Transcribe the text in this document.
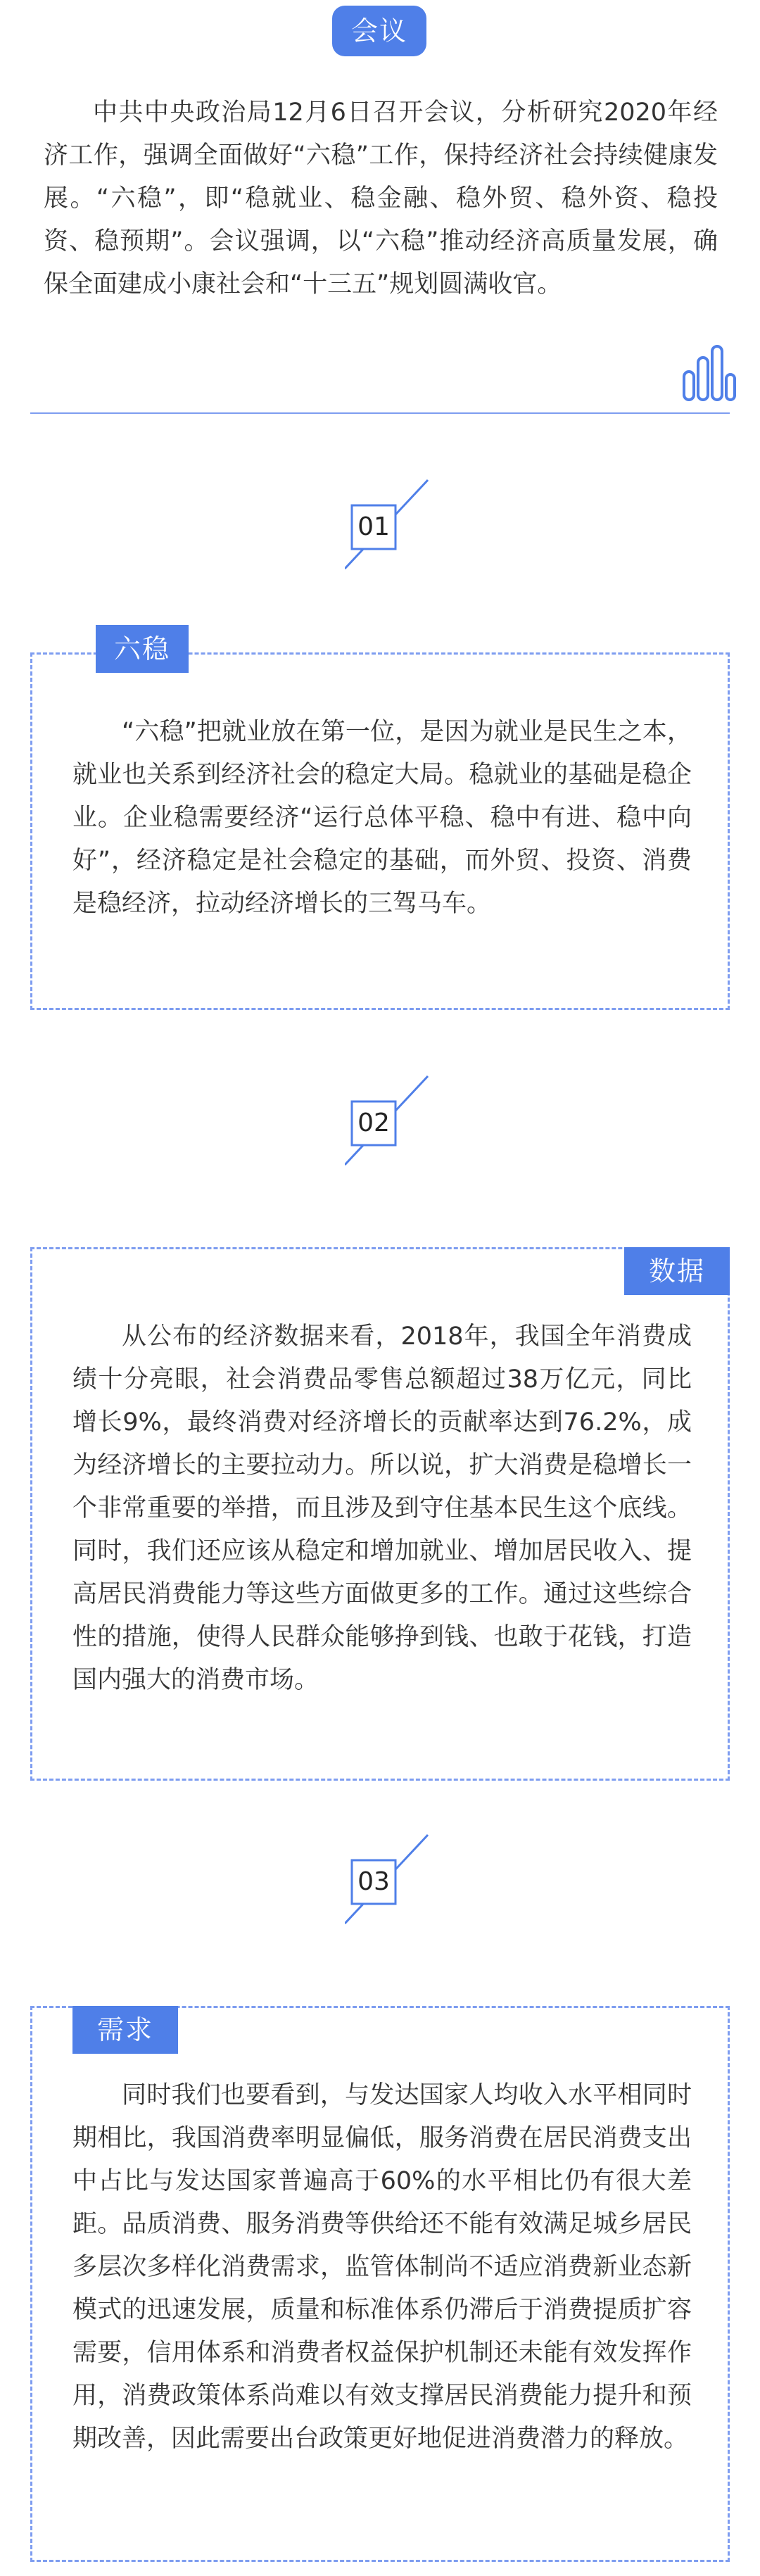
会议

中共中央政治局12月6日召开会议，分析研究2020年经济工作，强调全面做好“六稳”工作，保持经济社会持续健康发展。“六稳”，即“稳就业、稳金融、稳外贸、稳外资、稳投资、稳预期”。会议强调，以“六稳”推动经济高质量发展，确保全面建成小康社会和“十三五”规划圆满收官。

01
六稳

“六稳”把就业放在第一位，是因为就业是民生之本，就业也关系到经济社会的稳定大局。稳就业的基础是稳企业。企业稳需要经济“运行总体平稳、稳中有进、稳中向好”，经济稳定是社会稳定的基础，而外贸、投资、消费是稳经济，拉动经济增长的三驾马车。

02
数据

从公布的经济数据来看，2018年，我国全年消费成绩十分亮眼，社会消费品零售总额超过38万亿元，同比增长9%，最终消费对经济增长的贡献率达到76.2%，成为经济增长的主要拉动力。所以说，扩大消费是稳增长一个非常重要的举措，而且涉及到守住基本民生这个底线。同时，我们还应该从稳定和增加就业、增加居民收入、提高居民消费能力等这些方面做更多的工作。通过这些综合性的措施，使得人民群众能够挣到钱、也敢于花钱，打造国内强大的消费市场。

03
需求

同时我们也要看到，与发达国家人均收入水平相同时期相比，我国消费率明显偏低，服务消费在居民消费支出中占比与发达国家普遍高于60%的水平相比仍有很大差距。品质消费、服务消费等供给还不能有效满足城乡居民多层次多样化消费需求，监管体制尚不适应消费新业态新模式的迅速发展，质量和标准体系仍滞后于消费提质扩容需要，信用体系和消费者权益保护机制还未能有效发挥作用，消费政策体系尚难以有效支撑居民消费能力提升和预期改善，因此需要出台政策更好地促进消费潜力的释放。
